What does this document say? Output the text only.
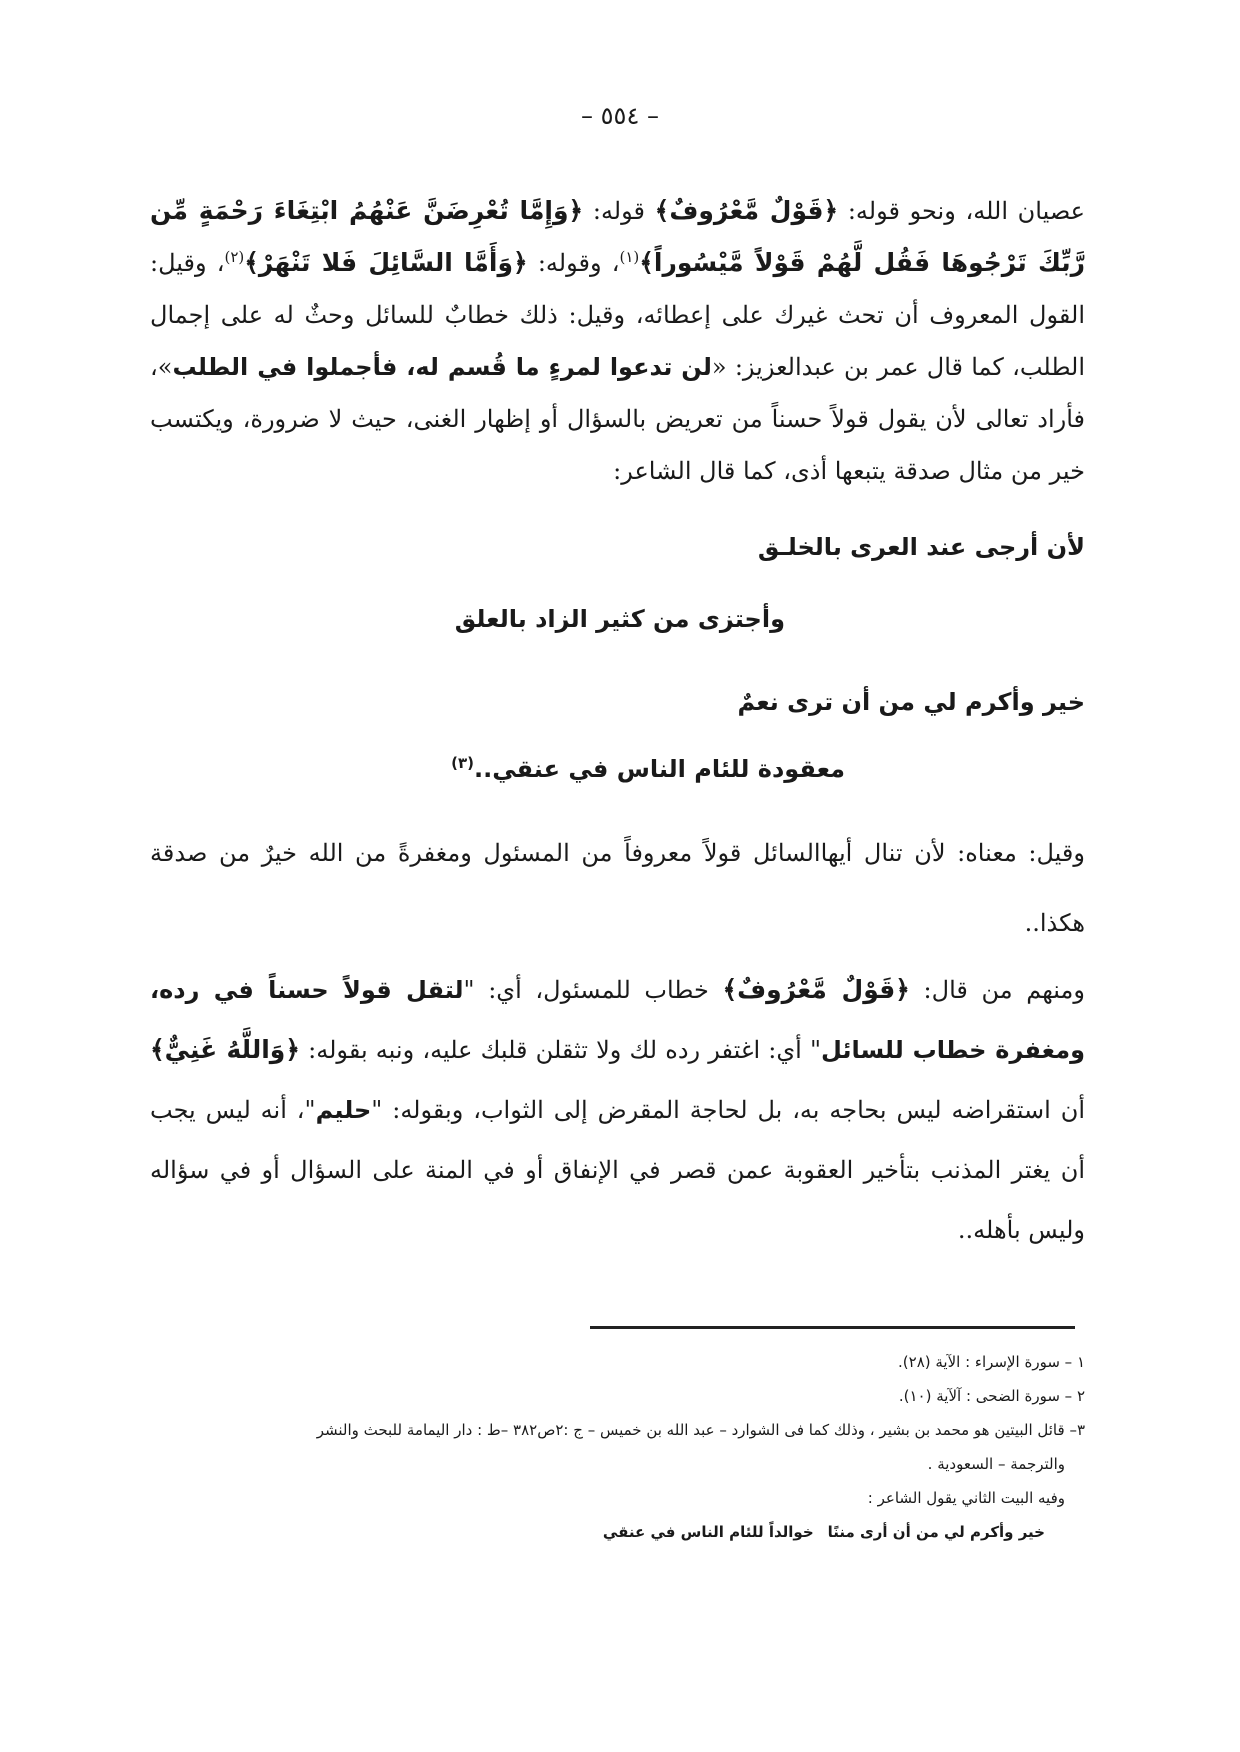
– ٥٥٤ –
عصيان الله، ونحو قوله: ﴿قَوْلٌ مَّعْرُوفٌ﴾ قوله: ﴿وَإِمَّا تُعْرِضَنَّ عَنْهُمُ ابْتِغَاءَ رَحْمَةٍ مِّن رَّبِّكَ تَرْجُوهَا فَقُل لَّهُمْ قَوْلاً مَّيْسُوراً﴾$^{(١)}$، وقوله: ﴿وَأَمَّا السَّائِلَ فَلا تَنْهَرْ﴾$^{(٢)}$، وقيل: القول المعروف أن تحث غيرك على إعطائه، وقيل: ذلك خطابٌ للسائل وحثٌ له على إجمال الطلب، كما قال عمر بن عبدالعزيز: «لن تدعوا لمرءٍ ما قُسم له، فأجملوا في الطلب»، فأراد تعالى لأن يقول قولاً حسناً من تعريض بالسؤال أو إظهار الغنى، حيث لا ضرورة، ويكتسب خير من مثال صدقة يتبعها أذى، كما قال الشاعر:
لأن أرجى عند العرى بالخلـق
وأجتزى من كثير الزاد بالعلق
خير وأكرم لي من أن ترى نعمٌ
معقودة للئام الناس في عنقي..$^{(٣)}$
وقيل: معناه: لأن تنال أيهاالسائل قولاً معروفاً من المسئول ومغفرةً من الله خيرٌ من صدقة هكذا..
ومنهم من قال: ﴿قَوْلٌ مَّعْرُوفٌ﴾ خطاب للمسئول، أي: "لتقل قولاً حسناً في رده، ومغفرة خطاب للسائل" أي: اغتفر رده لك ولا تثقلن قلبك عليه، ونبه بقوله: ﴿وَاللَّهُ غَنِيٌّ﴾ أن استقراضه ليس بحاجه به، بل لحاجة المقرض إلى الثواب، وبقوله: "حليم"، أنه ليس يجب أن يغتر المذنب بتأخير العقوبة عمن قصر في الإنفاق أو في المنة على السؤال أو في سؤاله وليس بأهله..

١ – سورة الإسراء : الآية (٢٨).

٢ – سورة الضحى : آلآية (١٠).

٣– قائل البيتين هو محمد بن بشير ، وذلك كما فى الشوارد – عبد الله بن خميس – ج :٢ص٣٨٢ –ط : دار اليمامة للبحث والنشر

والترجمة – السعودية .

وفيه البيت الثاني يقول الشاعر :

خير وأكرم لي من أن أرى مننًاخوالداً للئام الناس في عنقي
